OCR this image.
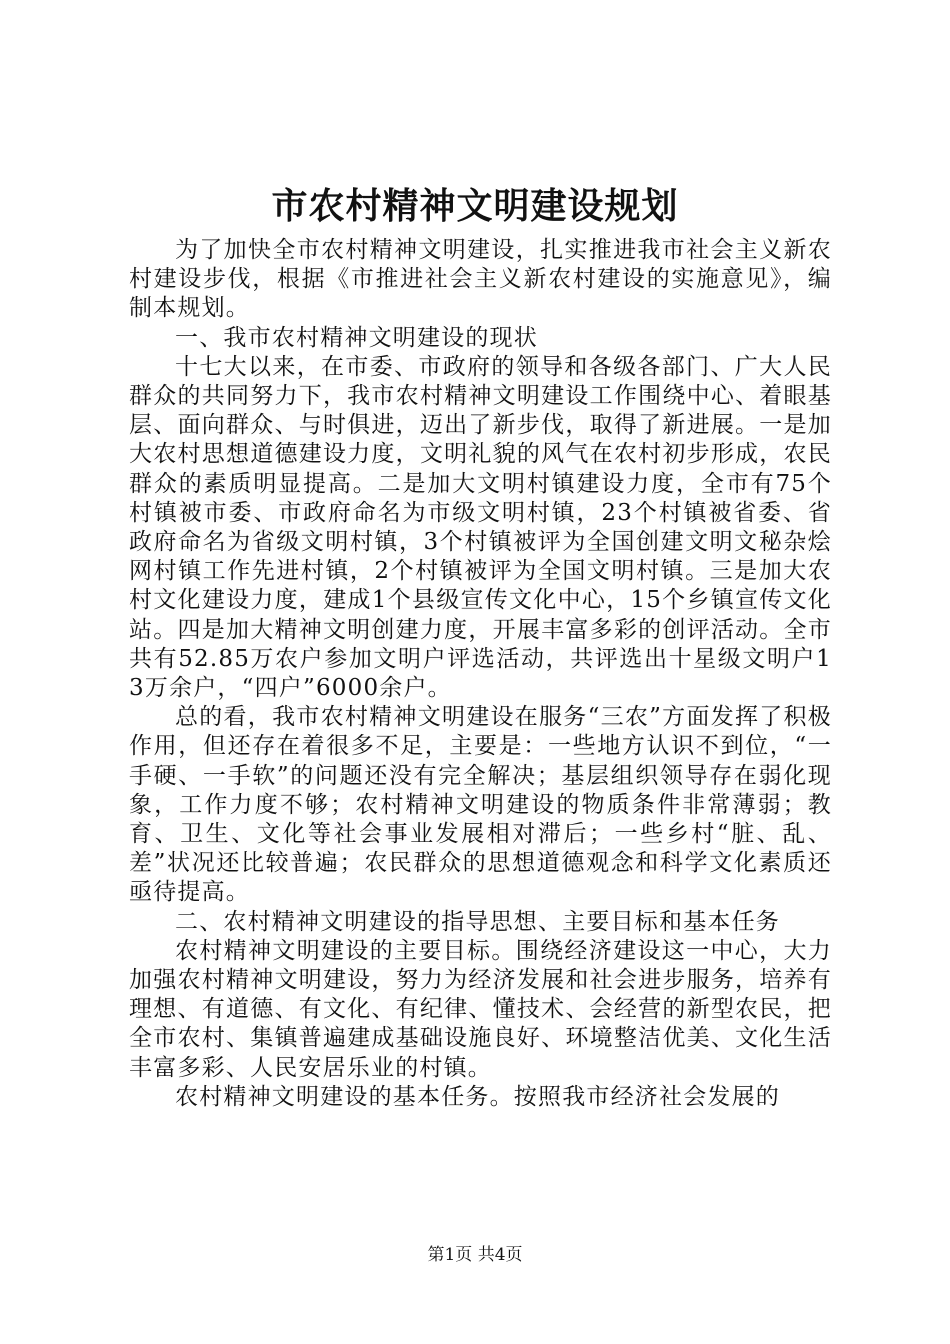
市农村精神文明建设规划

为了加快全市农村精神文明建设，扎实推进我市社会主义新农村建设步伐，根据《市推进社会主义新农村建设的实施意见》，编制本规划。

一、我市农村精神文明建设的现状

十七大以来，在市委、市政府的领导和各级各部门、广大人民群众的共同努力下，我市农村精神文明建设工作围绕中心、着眼基层、面向群众、与时俱进，迈出了新步伐，取得了新进展。一是加大农村思想道德建设力度，文明礼貌的风气在农村初步形成，农民群众的素质明显提高。二是加大文明村镇建设力度，全市有75个村镇被市委、市政府命名为市级文明村镇，23个村镇被省委、省政府命名为省级文明村镇，3个村镇被评为全国创建文明文秘杂烩网村镇工作先进村镇，2个村镇被评为全国文明村镇。三是加大农村文化建设力度，建成1个县级宣传文化中心，15个乡镇宣传文化站。四是加大精神文明创建力度，开展丰富多彩的创评活动。全市共有52.85万农户参加文明户评选活动，共评选出十星级文明户13万余户，“四户”6000余户。

总的看，我市农村精神文明建设在服务“三农”方面发挥了积极作用，但还存在着很多不足，主要是：一些地方认识不到位，“一手硬、一手软”的问题还没有完全解决；基层组织领导存在弱化现象，工作力度不够；农村精神文明建设的物质条件非常薄弱；教育、卫生、文化等社会事业发展相对滞后；一些乡村“脏、乱、差”状况还比较普遍；农民群众的思想道德观念和科学文化素质还亟待提高。

二、农村精神文明建设的指导思想、主要目标和基本任务

农村精神文明建设的主要目标。围绕经济建设这一中心，大力加强农村精神文明建设，努力为经济发展和社会进步服务，培养有理想、有道德、有文化、有纪律、懂技术、会经营的新型农民，把全市农村、集镇普遍建成基础设施良好、环境整洁优美、文化生活丰富多彩、人民安居乐业的村镇。

农村精神文明建设的基本任务。按照我市经济社会发展的

第1页 共4页
